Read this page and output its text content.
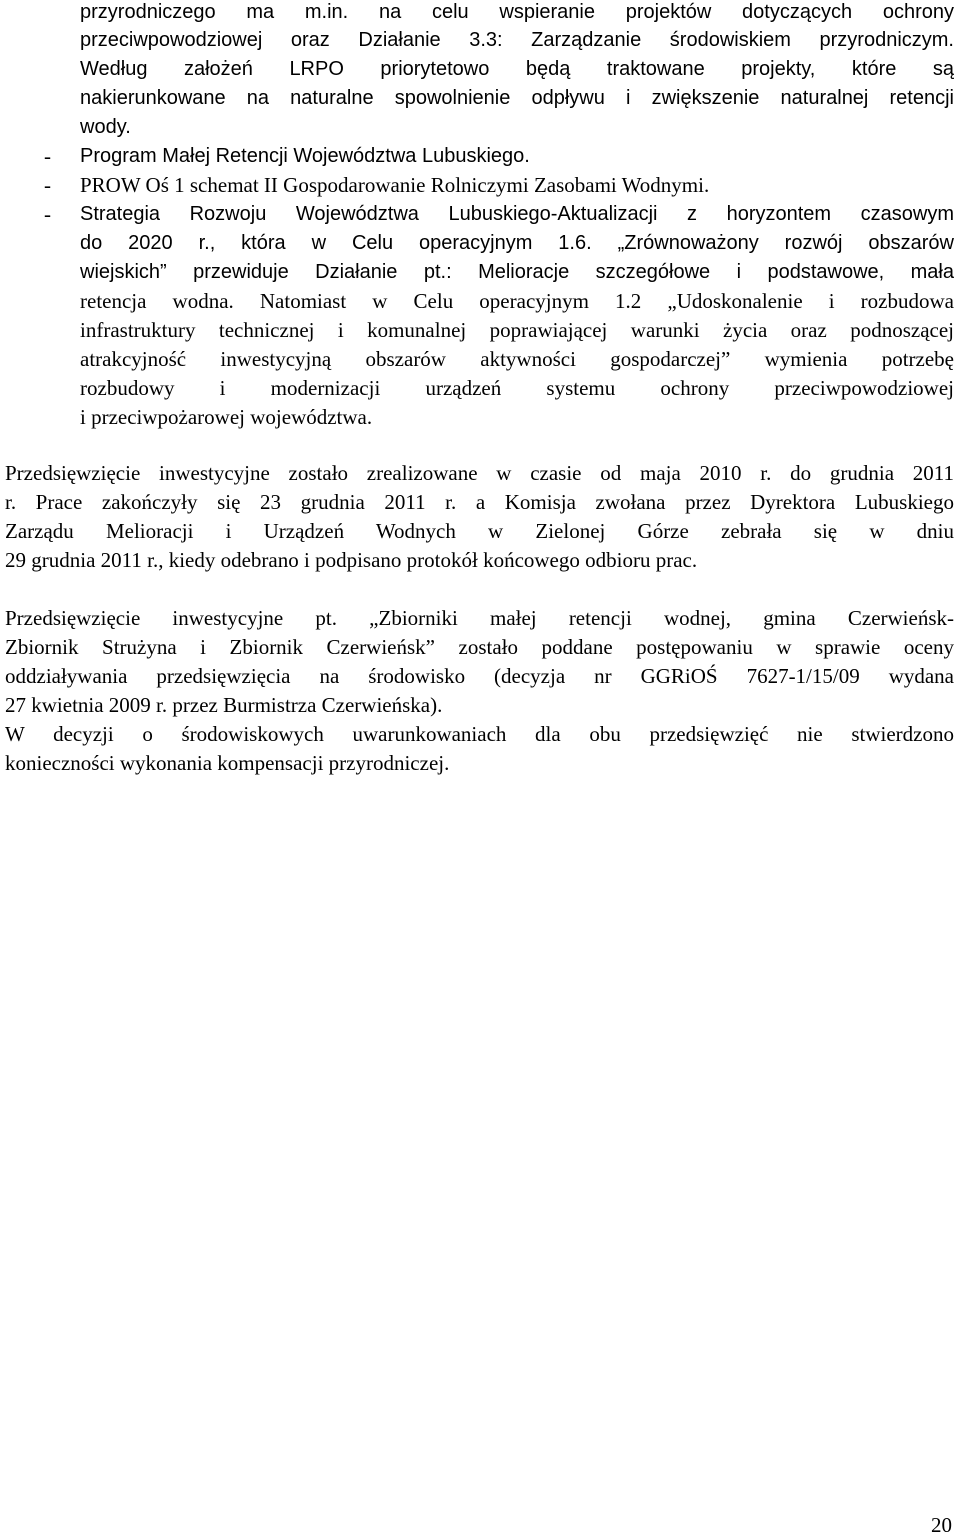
przyrodniczego ma m.in. na celu wspieranie projektów dotyczących ochrony
przeciwpowodziowej oraz Działanie 3.3: Zarządzanie środowiskiem przyrodniczym.
Według założeń LRPO priorytetowo będą traktowane projekty, które są
nakierunkowane na naturalne spowolnienie odpływu i zwiększenie naturalnej retencji
wody.
- Program Małej Retencji Województwa Lubuskiego.
- PROW Oś 1 schemat II Gospodarowanie Rolniczymi Zasobami Wodnymi.
- Strategia Rozwoju Województwa Lubuskiego-Aktualizacji z horyzontem czasowym
do 2020 r., która w Celu operacyjnym 1.6. „Zrównoważony rozwój obszarów
wiejskich” przewiduje Działanie pt.: Melioracje szczegółowe i podstawowe, mała
retencja wodna. Natomiast w Celu operacyjnym 1.2 „Udoskonalenie i rozbudowa
infrastruktury technicznej i komunalnej poprawiającej warunki życia oraz podnoszącej
atrakcyjność inwestycyjną obszarów aktywności gospodarczej” wymienia potrzebę
rozbudowy i modernizacji urządzeń systemu ochrony przeciwpowodziowej
i przeciwpożarowej województwa.
Przedsięwzięcie inwestycyjne zostało zrealizowane w czasie od maja 2010 r. do grudnia 2011
r. Prace zakończyły się 23 grudnia 2011 r. a Komisja zwołana przez Dyrektora Lubuskiego
Zarządu Melioracji i Urządzeń Wodnych w Zielonej Górze zebrała się w dniu
29 grudnia 2011 r., kiedy odebrano i podpisano protokół końcowego odbioru prac.
Przedsięwzięcie inwestycyjne pt. „Zbiorniki małej retencji wodnej, gmina Czerwieńsk-
Zbiornik Strużyna i Zbiornik Czerwieńsk” zostało poddane postępowaniu w sprawie oceny
oddziaływania przedsięwzięcia na środowisko (decyzja nr GGRiOŚ 7627-1/15/09 wydana
27 kwietnia 2009 r. przez Burmistrza Czerwieńska).
W decyzji o środowiskowych uwarunkowaniach dla obu przedsięwzięć nie stwierdzono
konieczności wykonania kompensacji przyrodniczej.
20
